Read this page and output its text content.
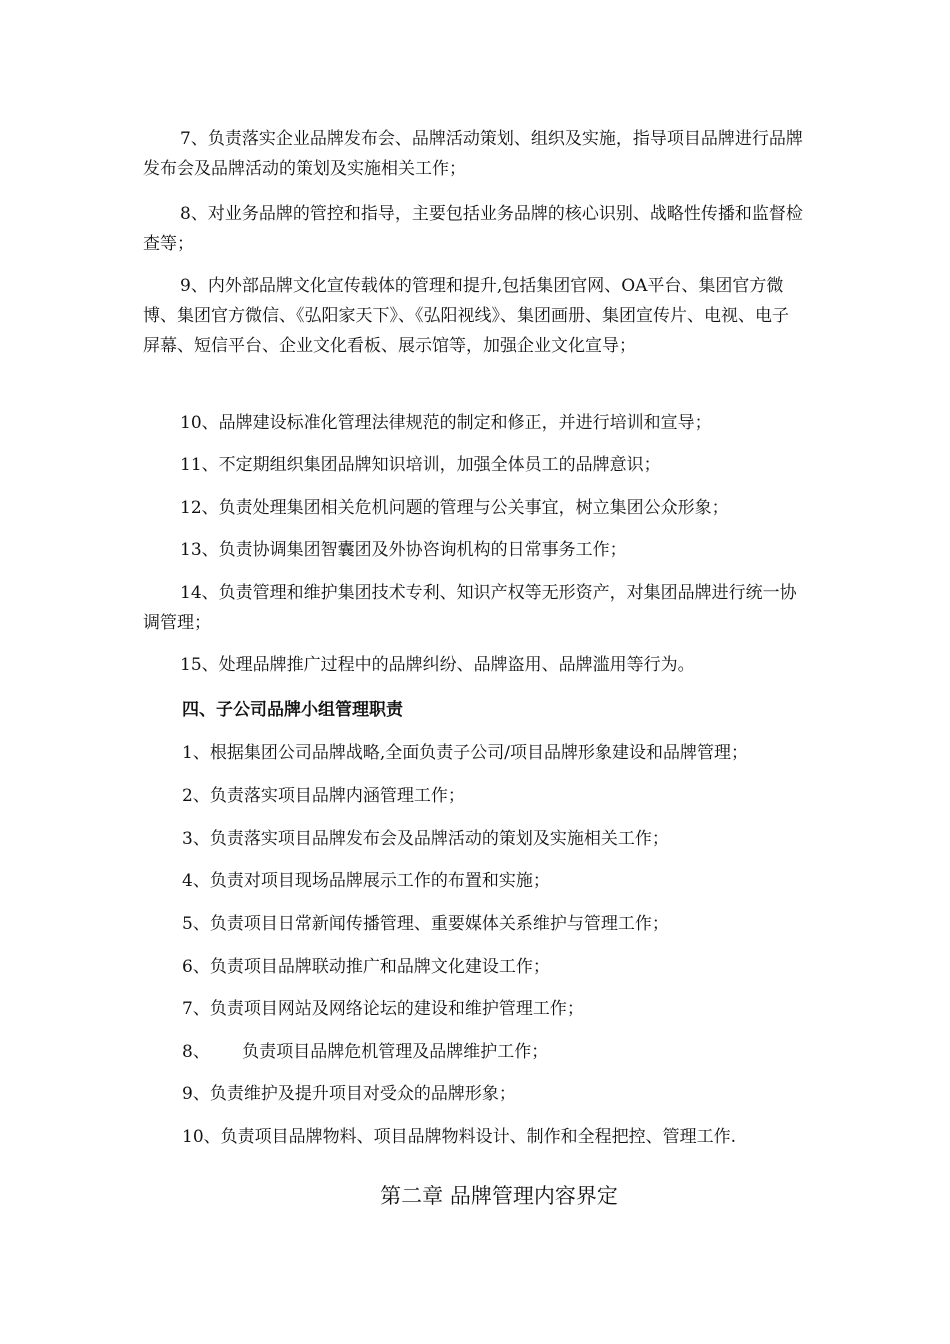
7、负责落实企业品牌发布会、品牌活动策划、组织及实施，指导项目品牌进行品牌发布会及品牌活动的策划及实施相关工作；

8、对业务品牌的管控和指导，主要包括业务品牌的核心识别、战略性传播和监督检查等；

9、内外部品牌文化宣传载体的管理和提升,包括集团官网、OA平台、集团官方微博、集团官方微信、《弘阳家天下》、《弘阳视线》、集团画册、集团宣传片、电视、电子屏幕、短信平台、企业文化看板、展示馆等，加强企业文化宣导；

10、品牌建设标准化管理法律规范的制定和修正，并进行培训和宣导；

11、不定期组织集团品牌知识培训，加强全体员工的品牌意识；

12、负责处理集团相关危机问题的管理与公关事宜，树立集团公众形象；

13、负责协调集团智囊团及外协咨询机构的日常事务工作；

14、负责管理和维护集团技术专利、知识产权等无形资产，对集团品牌进行统一协调管理；

15、处理品牌推广过程中的品牌纠纷、品牌盗用、品牌滥用等行为。

四、子公司品牌小组管理职责

1、根据集团公司品牌战略,全面负责子公司/项目品牌形象建设和品牌管理；

2、负责落实项目品牌内涵管理工作；

3、负责落实项目品牌发布会及品牌活动的策划及实施相关工作；

4、负责对项目现场品牌展示工作的布置和实施；

5、负责项目日常新闻传播管理、重要媒体关系维护与管理工作；

6、负责项目品牌联动推广和品牌文化建设工作；

7、负责项目网站及网络论坛的建设和维护管理工作；

8、      负责项目品牌危机管理及品牌维护工作；

9、负责维护及提升项目对受众的品牌形象；

10、负责项目品牌物料、项目品牌物料设计、制作和全程把控、管理工作.

第二章 品牌管理内容界定
